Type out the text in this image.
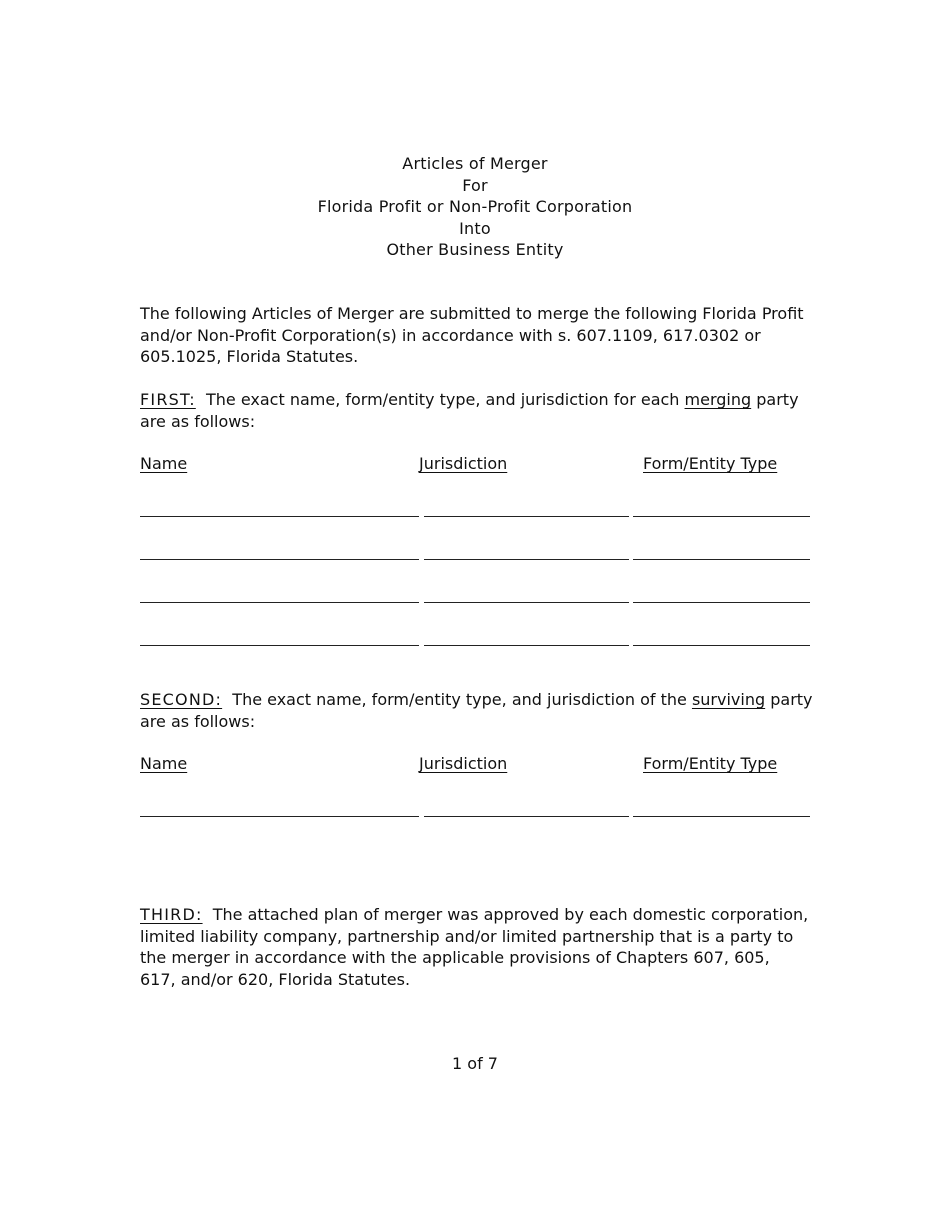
Articles of Merger
For
Florida Profit or Non-Profit Corporation
Into
Other Business Entity
The following Articles of Merger are submitted to merge the following Florida Profit and/or Non-Profit Corporation(s) in accordance with s. 607.1109, 617.0302 or 605.1025, Florida Statutes.
FIRST: The exact name, form/entity type, and jurisdiction for each merging party are as follows:
Name	Jurisdiction	Form/Entity Type
SECOND: The exact name, form/entity type, and jurisdiction of the surviving party are as follows:
Name	Jurisdiction	Form/Entity Type
THIRD: The attached plan of merger was approved by each domestic corporation, limited liability company, partnership and/or limited partnership that is a party to the merger in accordance with the applicable provisions of Chapters 607, 605, 617, and/or 620, Florida Statutes.
1 of 7
